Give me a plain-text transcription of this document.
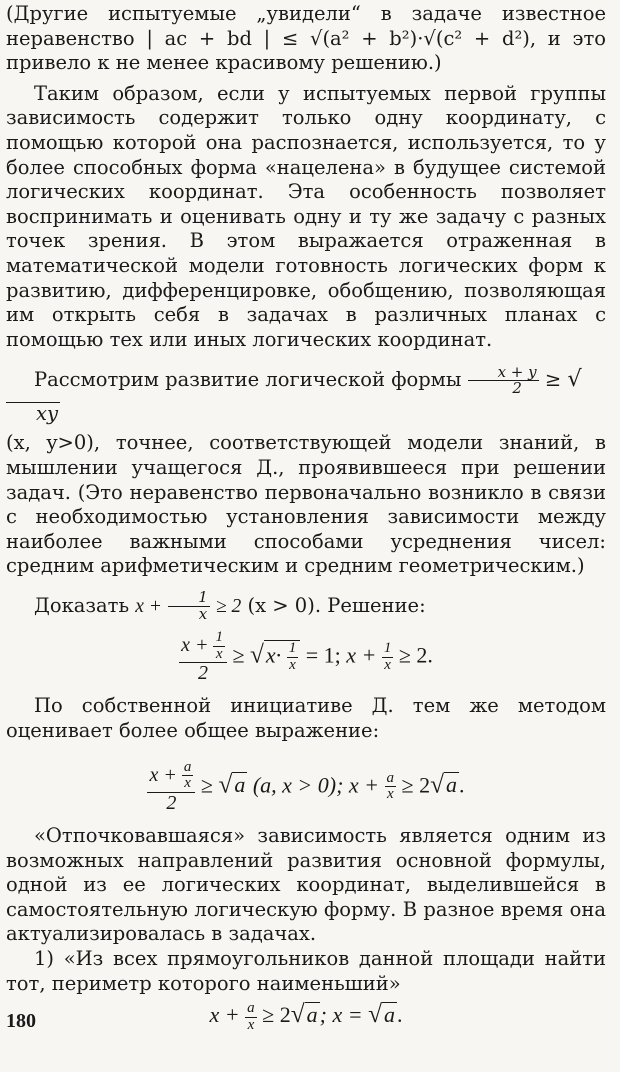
(Другие испытуемые „увидели“ в задаче известное неравенство | ac + bd | ≤ √(a² + b²)·√(c² + d²), и это привело к не менее красивому решению.)

Таким образом, если у испытуемых первой группы зависимость содержит только одну координату, с помощью которой она распознается, используется, то у более способных форма «нацелена» в будущее системой логических координат. Эта особенность позволяет воспринимать и оценивать одну и ту же задачу с разных точек зрения. В этом выражается отраженная в математической модели готовность логических форм к развитию, дифференцировке, обобщению, позволяющая им открыть себя в задачах в различных планах с помощью тех или иных логических координат.

Рассмотрим развитие логической формы $\frac{x + y}{2} \ge √xy$

(x, y>0), точнее, соответствующей модели знаний, в мышлении учащегося Д., проявившееся при решении задач. (Это неравенство первоначально возникло в связи с необходимостью установления зависимости между наиболее важными способами усреднения чисел: средним арифметическим и средним геометрическим.)

Доказать $x + \frac{1}{x} \ge 2$ (x > 0). Решение:

$\frac{x + \frac{1}{x}}{2} \ge √x\cdot \frac{1}{x} = 1$; $x + \frac{1}{x} \ge 2$.

По собственной инициативе Д. тем же методом оценивает более общее выражение:

$\frac{x + \frac{a}{x}}{2} \ge √a$ (a, x > 0); $x + \frac{a}{x} \ge 2√a$.

«Отпочковавшаяся» зависимость является одним из возможных направлений развития основной формулы, одной из ее логических координат, выделившейся в самостоятельную логическую форму. В разное время она актуализировалась в задачах.

1) «Из всех прямоугольников данной площади найти тот, периметр которого наименьший»

$x + \frac{a}{x} \ge 2√a$; x = √a.
180
